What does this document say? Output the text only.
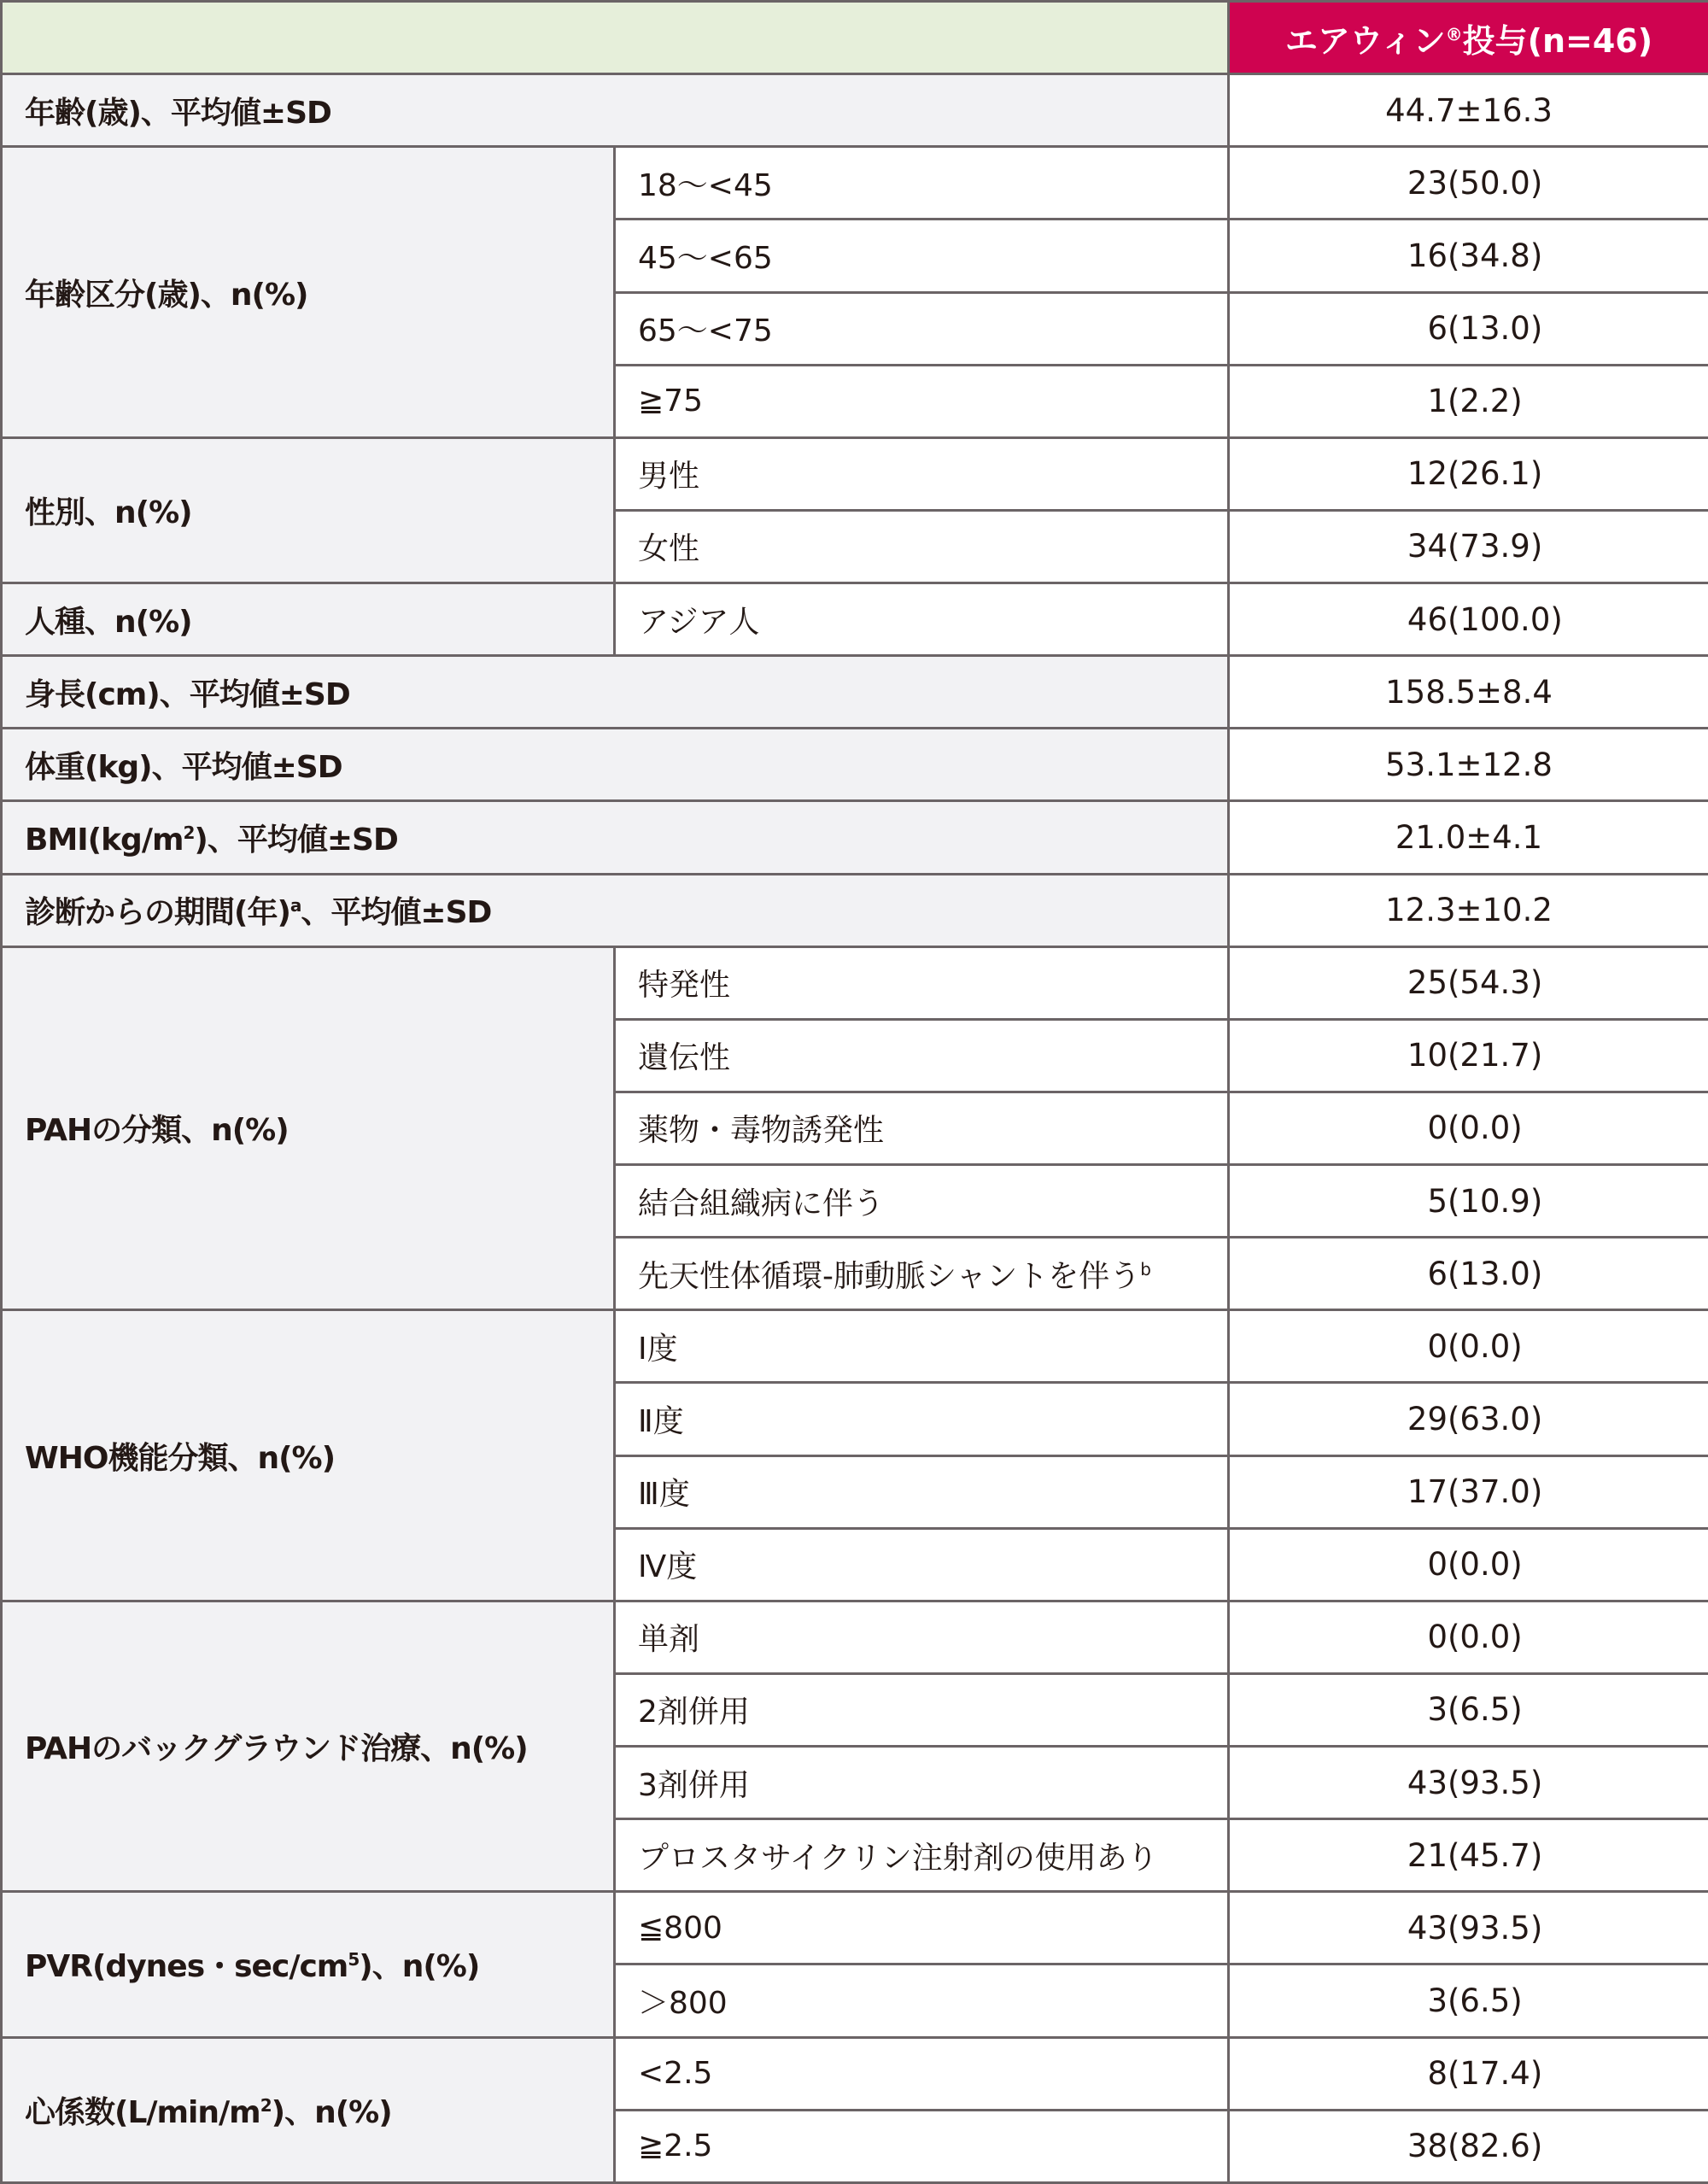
		エアウィン®投与(n=46)
年齢(歳)、平均値±SD		44.7±16.3

年齢区分(歳)、n(%)	18～<45	23 (50.0)

	45～<65	16 (34.8)

	65～<75	6 (13.0)

	≧75	1 (2.2)

性別、n(%)	男性	12 (26.1)

	女性	34 (73.9)

人種、n(%)	アジア人	46 (100.0)

身長(cm)、平均値±SD		158.5±8.4

体重(kg)、平均値±SD		53.1±12.8

$BMI(kg/m^2)$、平均値±SD		21.0±4.1

診断からの期間(年)$^a$、平均値±SD		12.3±10.2

PAHの分類、n(%)	特発性	25 (54.3)

	遺伝性	10 (21.7)

	薬物・毒物誘発性	0 (0.0)

	結合組織病に伴う	5 (10.9)

	先天性体循環-肺動脈シャントを伴う$^b$	6 (13.0)

WHO機能分類、n(%)	Ⅰ度	0 (0.0)

	Ⅱ度	29 (63.0)

	Ⅲ度	17 (37.0)

	Ⅳ度	0 (0.0)

PAHのバックグラウンド治療、n(%)	単剤	0 (0.0)

	2剤併用	3 (6.5)

	3剤併用	43 (93.5)

	プロスタサイクリン注射剤の使用あり	21 (45.7)

PVR(dynes・$\sec/cm^5$)、n(%)	≦800	43 (93.5)

	＞800	3 (6.5)

心係数$(L/\min/m^2)$、n(%)	<2.5	8 (17.4)

	≧2.5	38 (82.6)
